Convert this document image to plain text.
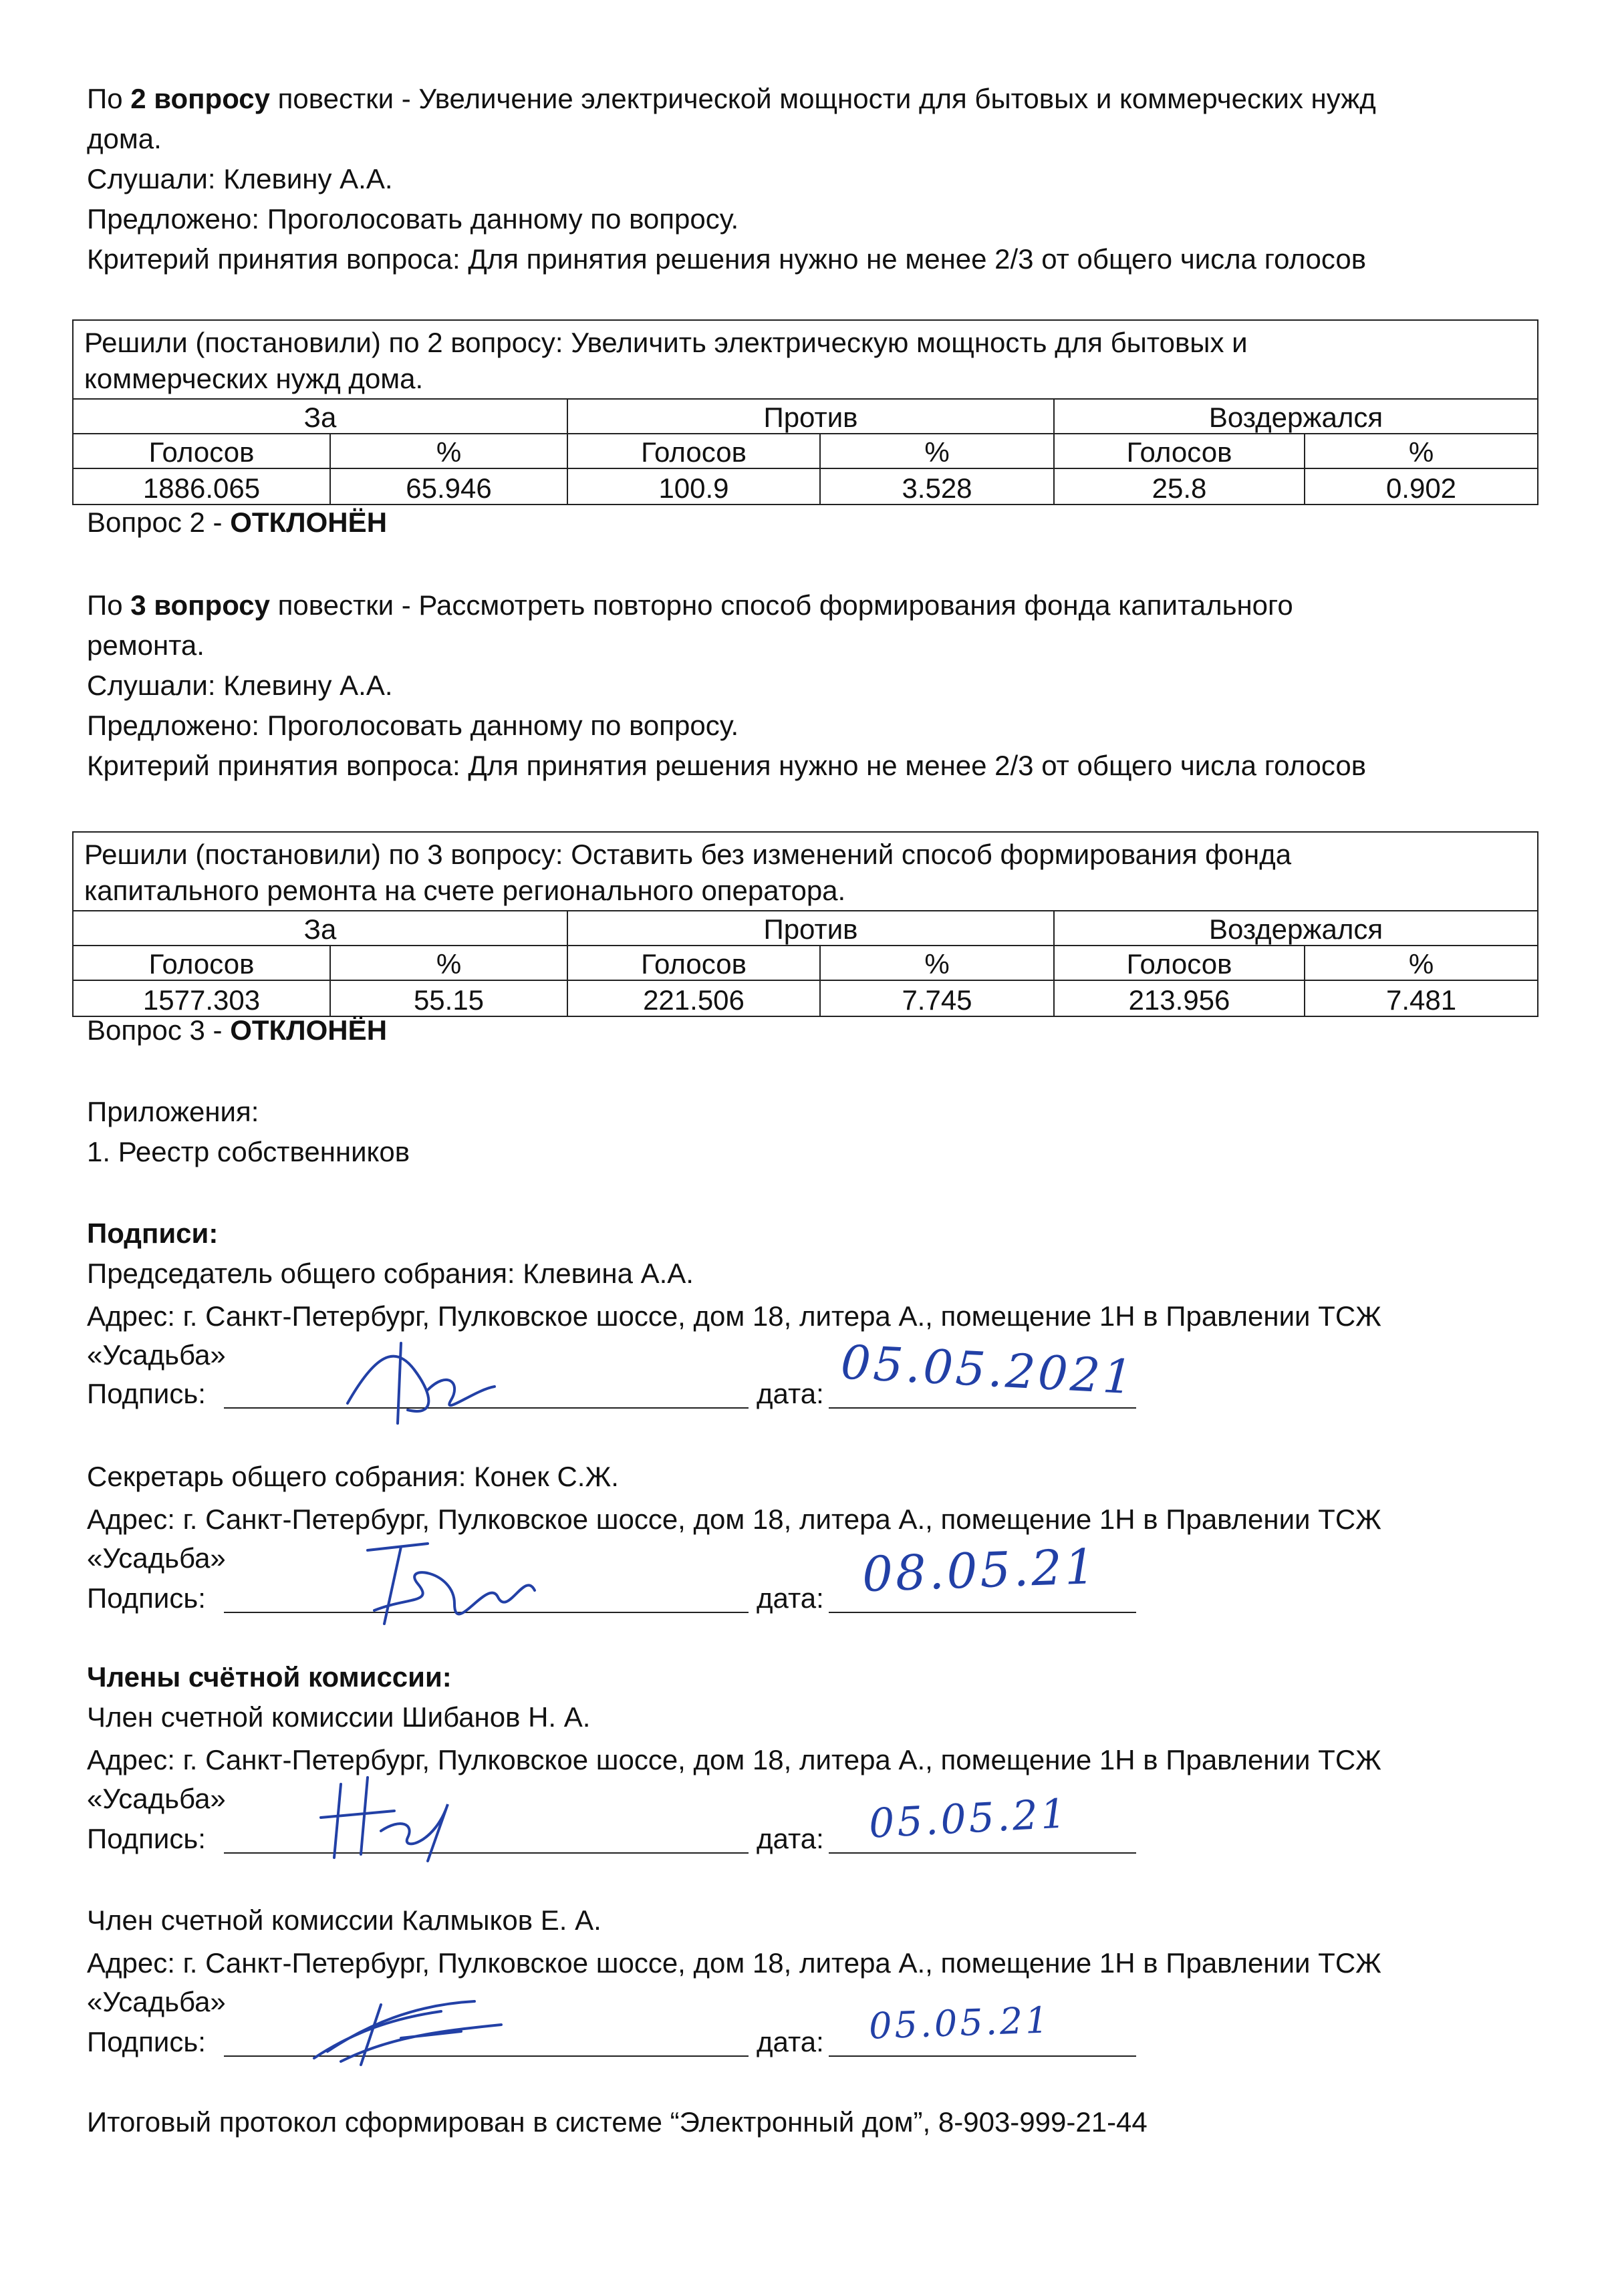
По 2 вопросу повестки - Увеличение электрической мощности для бытовых и коммерческих нужд
дома.
Слушали: Клевину А.А.
Предложено: Проголосовать данному по вопросу.
Критерий принятия вопроса: Для принятия решения нужно не менее 2/3 от общего числа голосов
Решили (постановили) по 2 вопросу: Увеличить электрическую мощность для бытовых и
коммерческих нужд дома.					

За		Против		Воздержался	
Голосов	%	Голосов	%	Голосов	%
1886.065	65.946	100.9	3.528	25.8	0.902
Вопрос 2 - ОТКЛОНЁН
По 3 вопросу повестки - Рассмотреть повторно способ формирования фонда капитального
ремонта.
Слушали: Клевину А.А.
Предложено: Проголосовать данному по вопросу.
Критерий принятия вопроса: Для принятия решения нужно не менее 2/3 от общего числа голосов
Решили (постановили) по 3 вопросу: Оставить без изменений способ формирования фонда
капитального ремонта на счете регионального оператора.					

За		Против		Воздержался	
Голосов	%	Голосов	%	Голосов	%
1577.303	55.15	221.506	7.745	213.956	7.481
Вопрос 3 - ОТКЛОНЁН
Приложения:
1. Реестр собственников
Подписи:
Председатель общего собрания: Клевина А.А.
Адрес: г. Санкт-Петербург, Пулковское шоссе, дом 18, литера А., помещение 1Н в Правлении ТСЖ
«Усадьба»
Подпись:	дата: 05.05.2021
Секретарь общего собрания: Конек С.Ж.
Адрес: г. Санкт-Петербург, Пулковское шоссе, дом 18, литера А., помещение 1Н в Правлении ТСЖ
«Усадьба»
Подпись:	дата: 08.05.21
Члены счётной комиссии:
Член счетной комиссии Шибанов Н. А.
Адрес: г. Санкт-Петербург, Пулковское шоссе, дом 18, литера А., помещение 1Н в Правлении ТСЖ
«Усадьба»
Подпись:	дата: 05.05.21
Член счетной комиссии Калмыков Е. А.
Адрес: г. Санкт-Петербург, Пулковское шоссе, дом 18, литера А., помещение 1Н в Правлении ТСЖ
«Усадьба»
Подпись:	дата: 05.05.21
Итоговый протокол сформирован в системе “Электронный дом”, 8-903-999-21-44
